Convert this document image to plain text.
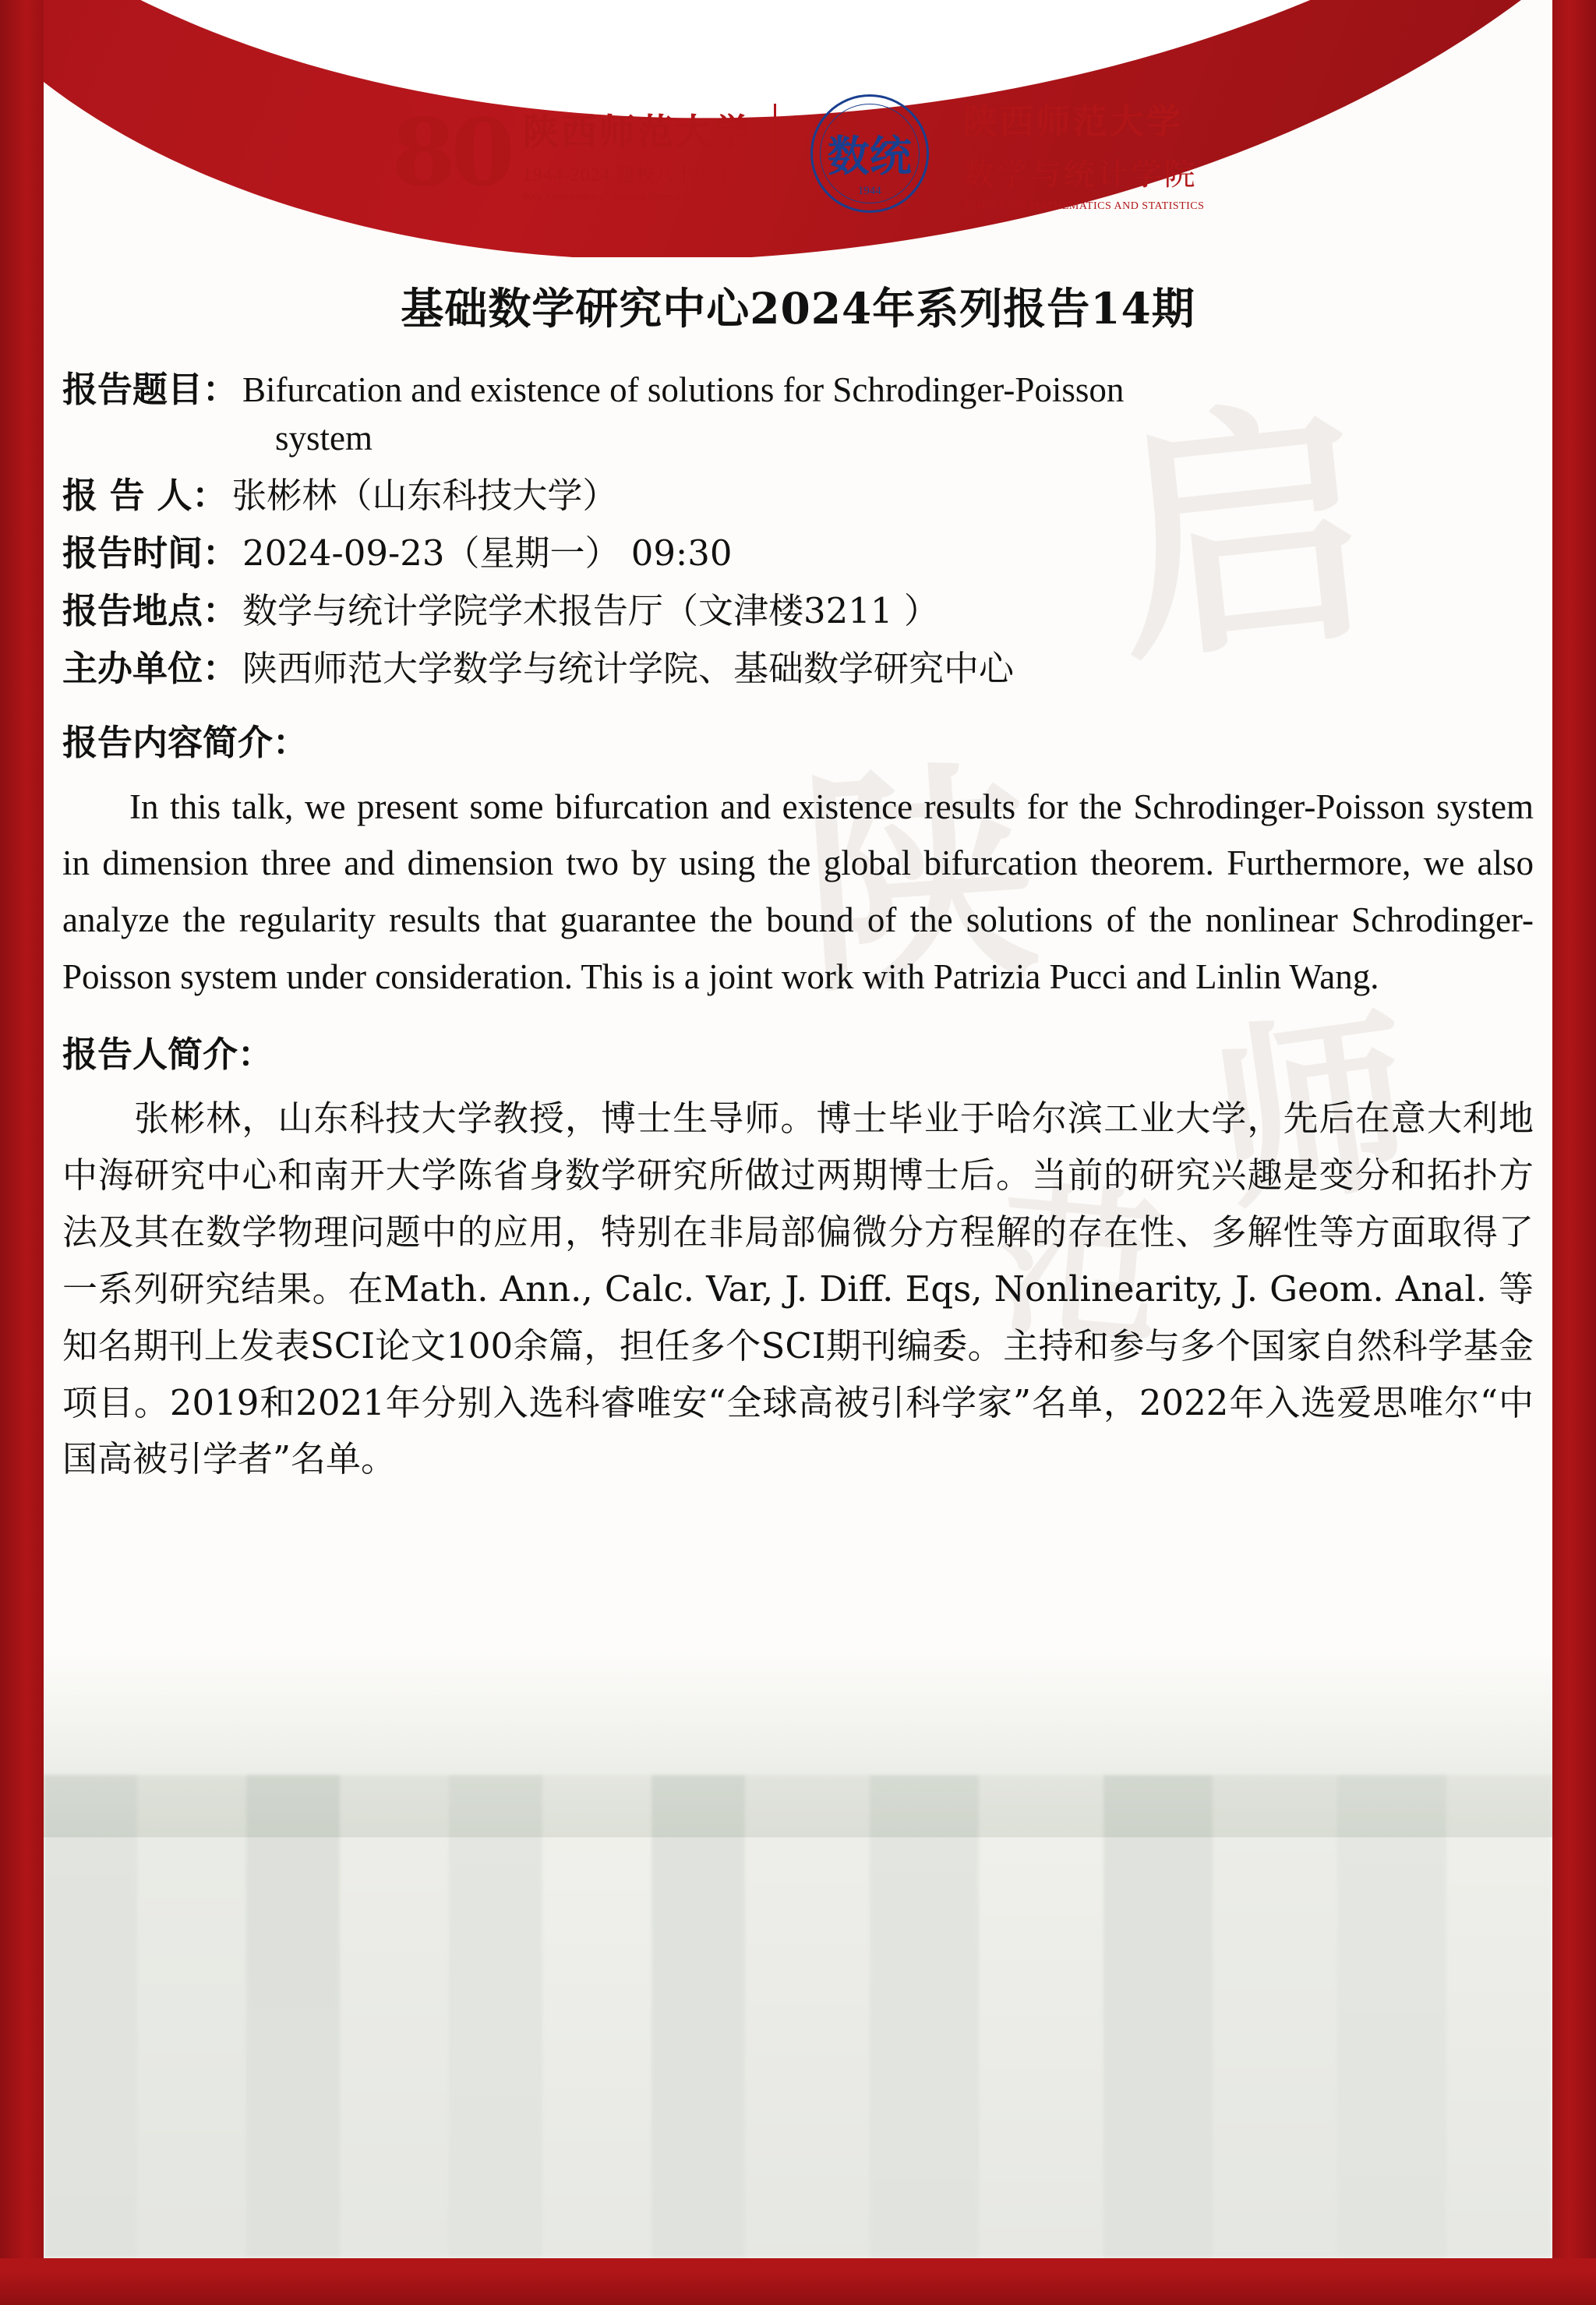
启
陕
师
范
80 陕西师范大学
1944-2024 建校八十周年
80th Anniversary of Shaanxi Normal University
数统
1944
陕西师范大学
数学与统计学院
SCHOOL OF MATHEMATICS AND STATISTICS
基础数学研究中心2024年系列报告14期
报告题目： Bifurcation and existence of solutions for Schrodinger-Poisson
system
报 告 人： 张彬林（山东科技大学）
报告时间： 2024-09-23（星期一） 09:30
报告地点： 数学与统计学院学术报告厅（文津楼3211 ）
主办单位： 陕西师范大学数学与统计学院、基础数学研究中心
报告内容简介：
In this talk, we present some bifurcation and existence results for the Schrodinger-Poisson system in dimension three and dimension two by using the global bifurcation theorem. Furthermore, we also analyze the regularity results that guarantee the bound of the solutions of the nonlinear Schrodinger-Poisson system under consideration. This is a joint work with Patrizia Pucci and Linlin Wang.
报告人简介：
张彬林，山东科技大学教授，博士生导师。博士毕业于哈尔滨工业大学，先后在意大利地中海研究中心和南开大学陈省身数学研究所做过两期博士后。当前的研究兴趣是变分和拓扑方法及其在数学物理问题中的应用，特别在非局部偏微分方程解的存在性、多解性等方面取得了一系列研究结果。在Math. Ann., Calc. Var, J. Diff. Eqs, Nonlinearity, J. Geom. Anal. 等知名期刊上发表SCI论文100余篇，担任多个SCI期刊编委。主持和参与多个国家自然科学基金项目。2019和2021年分别入选科睿唯安“全球高被引科学家”名单，2022年入选爱思唯尔“中国高被引学者”名单。
